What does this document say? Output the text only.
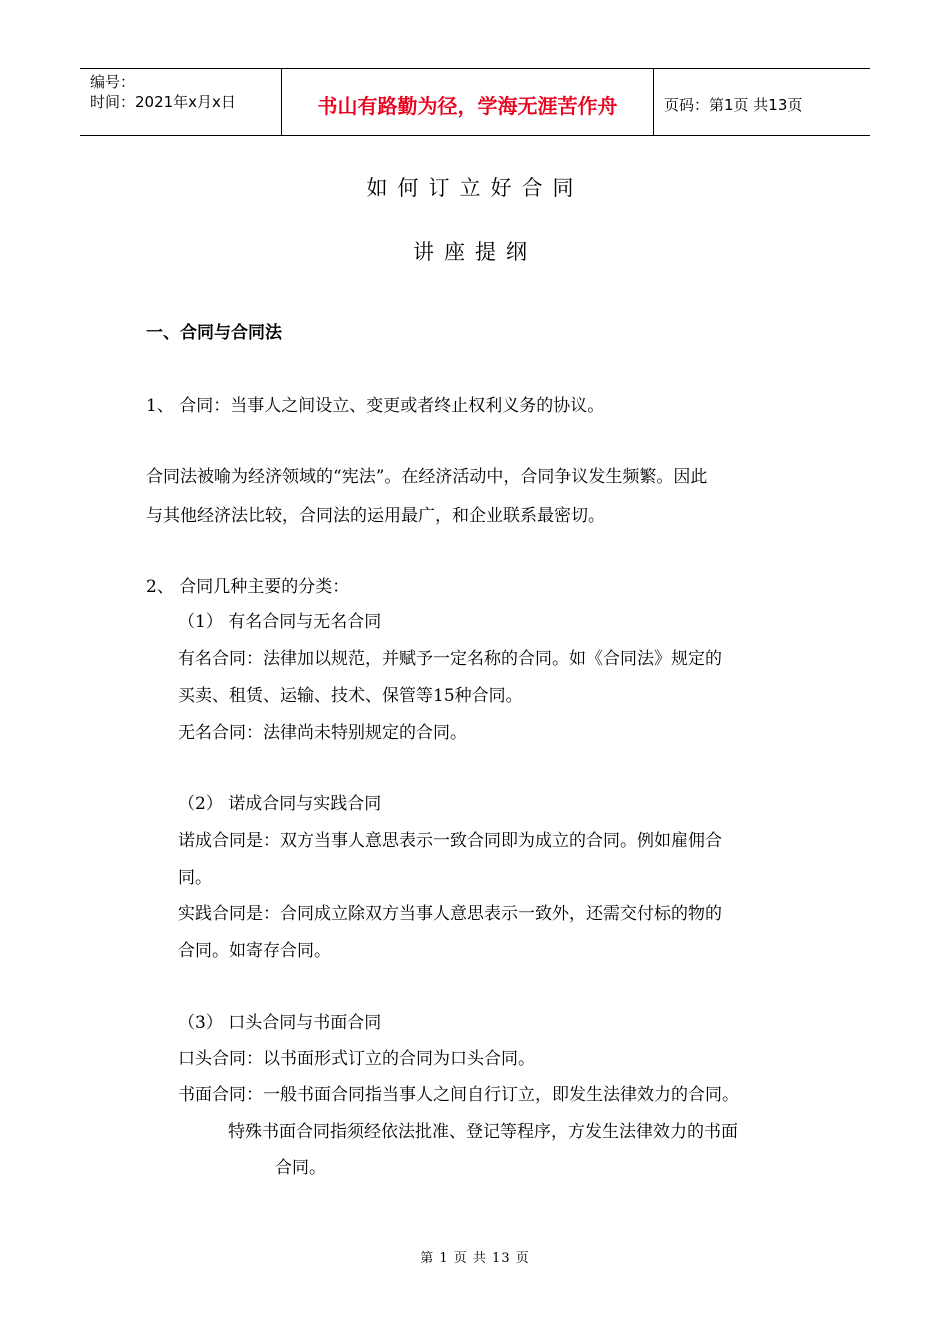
编号：
时间：2021年x月x日	书山有路勤为径，学海无涯苦作舟	页码：第1页 共13页
如何订立好合同
讲座提纲
一、合同与合同法
1、 合同：当事人之间设立、变更或者终止权利义务的协议。
合同法被喻为经济领域的“宪法”。在经济活动中，合同争议发生频繁。因此
与其他经济法比较，合同法的运用最广，和企业联系最密切。
2、 合同几种主要的分类：
（1） 有名合同与无名合同
有名合同：法律加以规范，并赋予一定名称的合同。如《合同法》规定的
买卖、租赁、运输、技术、保管等15种合同。
无名合同：法律尚未特别规定的合同。
（2） 诺成合同与实践合同
诺成合同是：双方当事人意思表示一致合同即为成立的合同。例如雇佣合
同。
实践合同是：合同成立除双方当事人意思表示一致外，还需交付标的物的
合同。如寄存合同。
（3） 口头合同与书面合同
口头合同：以书面形式订立的合同为口头合同。
书面合同：一般书面合同指当事人之间自行订立，即发生法律效力的合同。
特殊书面合同指须经依法批准、登记等程序，方发生法律效力的书面
合同。
第 1 页 共 13 页
